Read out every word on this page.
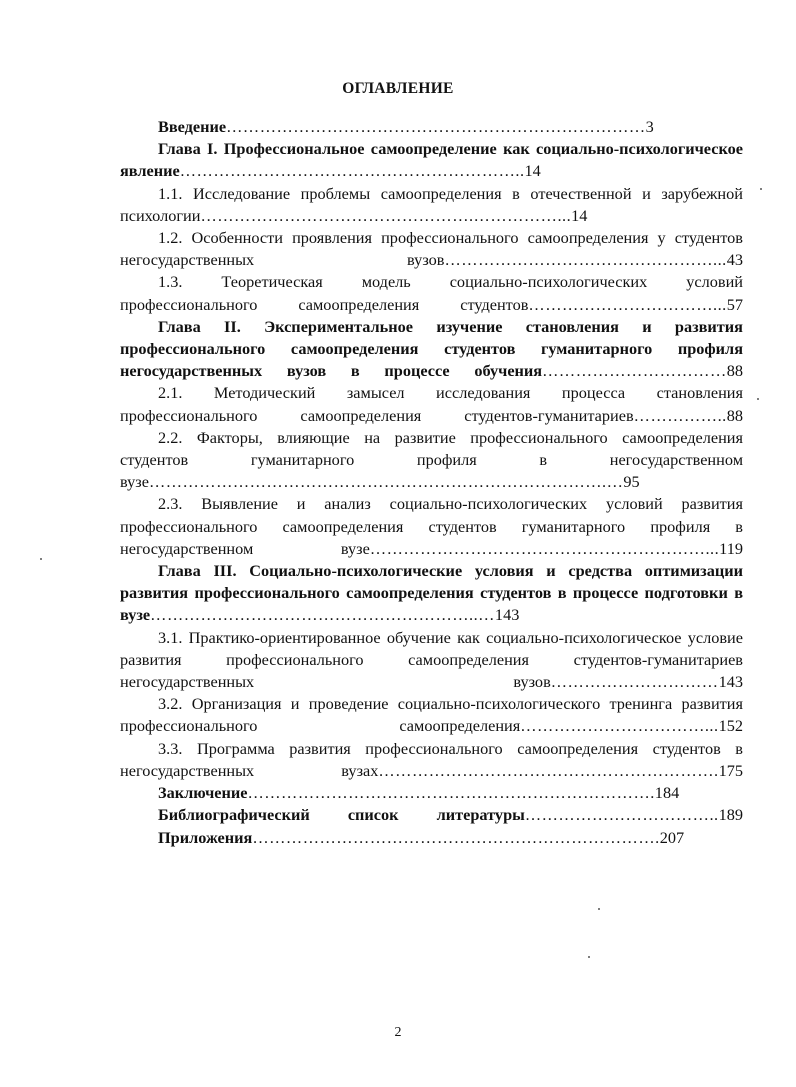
ОГЛАВЛЕНИЕ

Введение…………………………………………………………………3

Глава I. Профессиональное самоопределение как социально-психологическое явление……………………………………………………..14

1.1. Исследование проблемы самоопределения в отечественной и зарубежной психологии………………………………………….……………...14

1.2. Особенности проявления профессионального самоопределения у студентов негосударственных вузов…………………………………………...43

1.3. Теоретическая модель социально-психологических условий профессионального самоопределения студентов……………………………...57

Глава II. Экспериментальное изучение становления и развития профессионального самоопределения студентов гуманитарного профиля негосударственных вузов в процессе обучения……………………………88

2.1. Методический замысел исследования процесса становления профессионального самоопределения студентов-гуманитариев……………..88

2.2. Факторы, влияющие на развитие профессионального самоопределения студентов гуманитарного профиля в негосударственном вузе……………………………………………………………………….…95

2.3. Выявление и анализ социально-психологических условий развития профессионального самоопределения студентов гуманитарного профиля в негосударственном вузе……………………………………………………...119

Глава III. Социально-психологические условия и средства оптимизации развития профессионального самоопределения студентов в процессе подготовки в вузе…………………………………………………..…143

3.1. Практико-ориентированное обучение как социально-психологическое условие развития профессионального самоопределения студентов-гуманитариев негосударственных вузов…………………………143

3.2. Организация и проведение социально-психологического тренинга развития профессионального самоопределения……………………………...152

3.3. Программа развития профессионального самоопределения студентов в негосударственных вузах…………………………………………………….175

Заключение……………………………………………………………….184

Библиографический список литературы……………………………..189

Приложения……………………………………………………………….207

2
